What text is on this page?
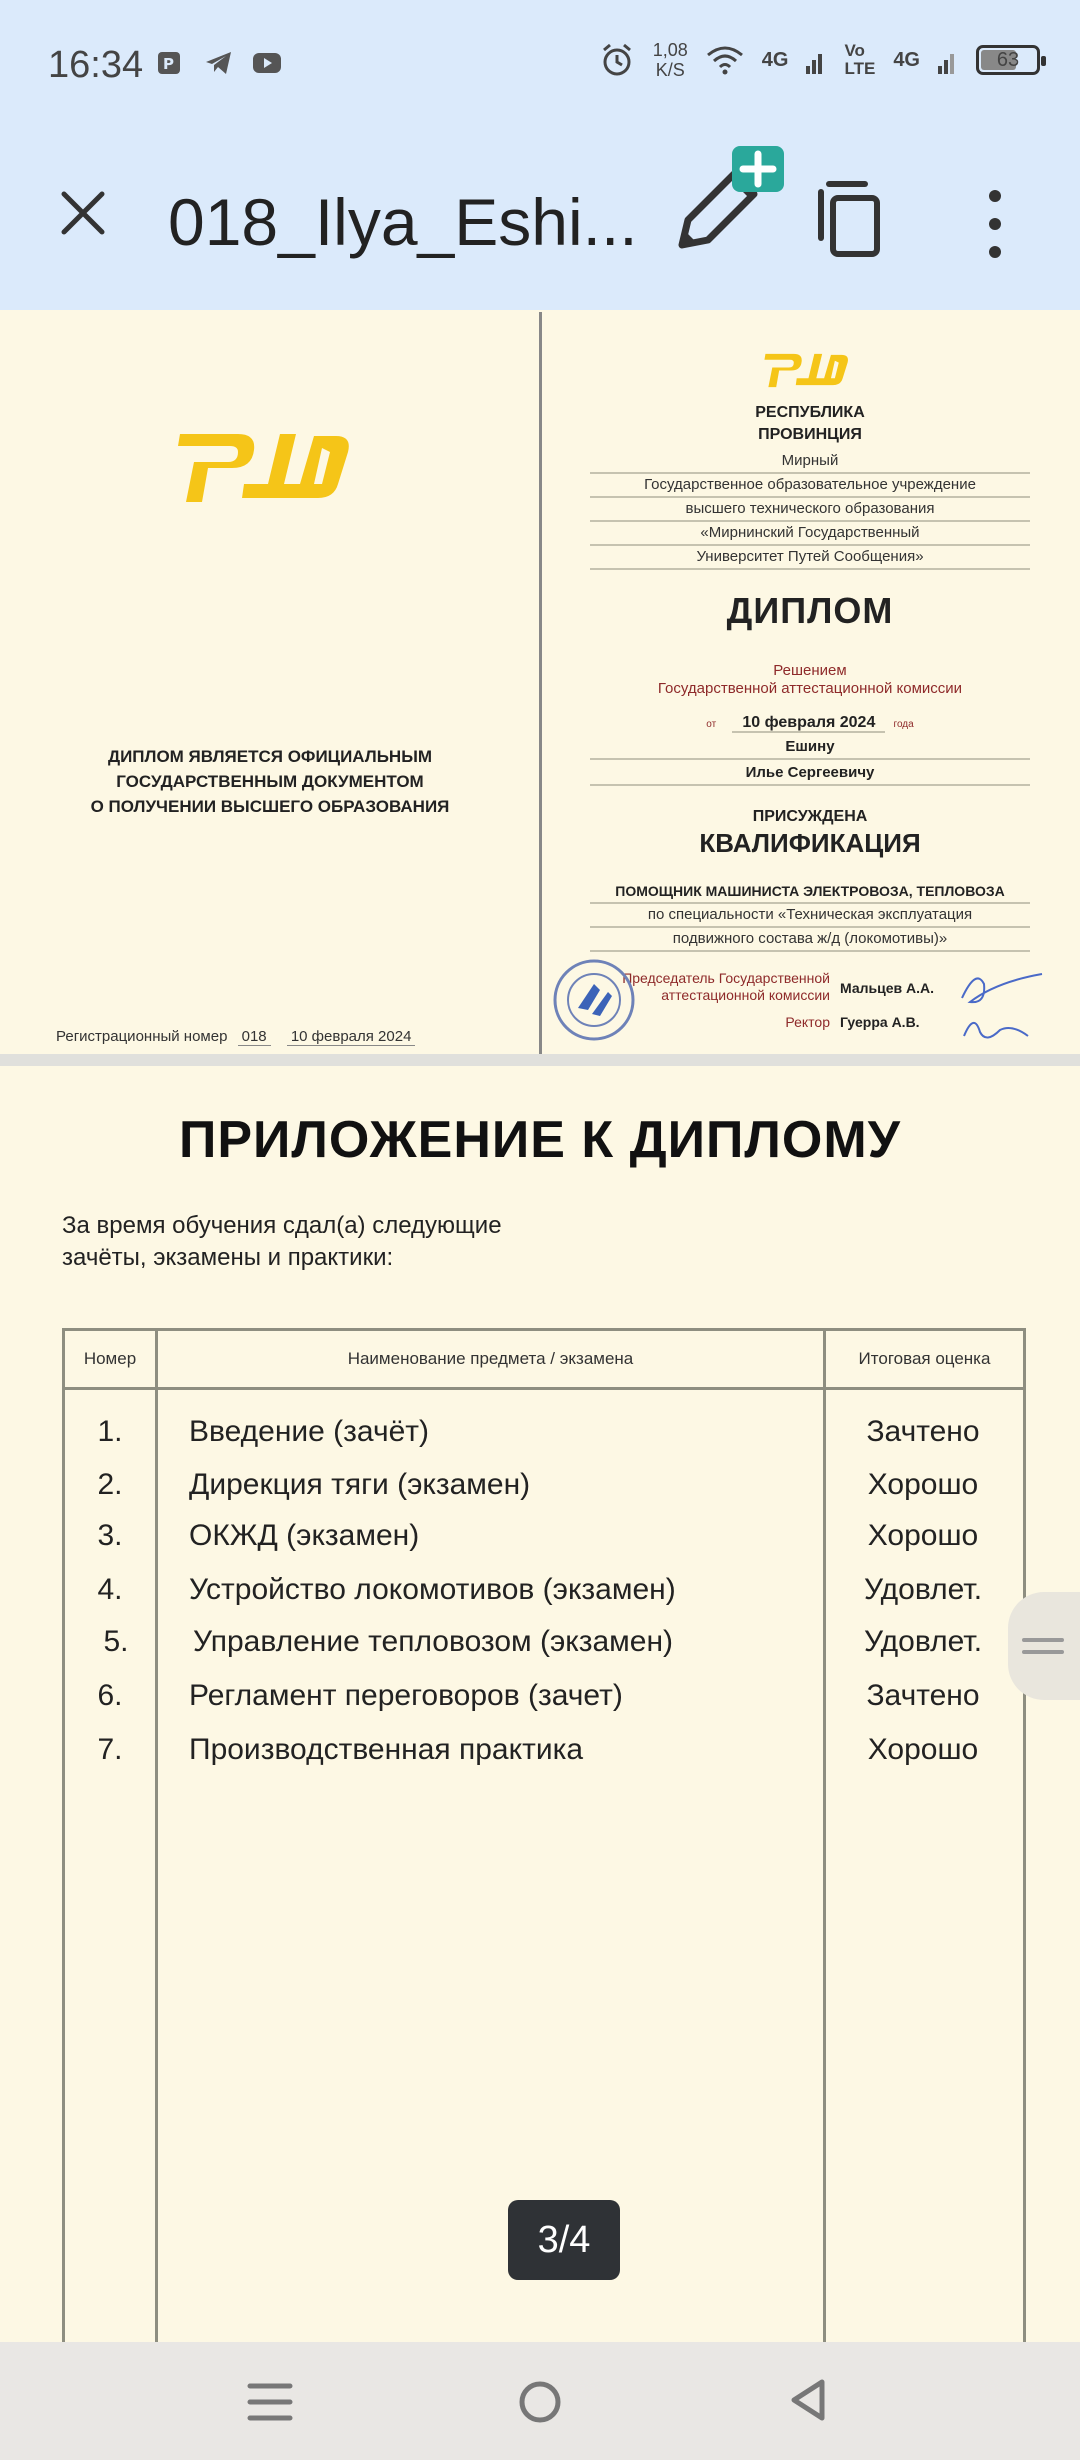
16:34 P
1,08
K/S	4G	Vo
LTE 4G	63
018_Ilya_Eshi...
ДИПЛОМ ЯВЛЯЕТСЯ ОФИЦИАЛЬНЫМ
ГОСУДАРСТВЕННЫМ ДОКУМЕНТОМ
О ПОЛУЧЕНИИ ВЫСШЕГО ОБРАЗОВАНИЯ
Регистрационный номер 018 10 февраля 2024
РЕСПУБЛИКА
ПРОВИНЦИЯ
Мирный
Государственное образовательное учреждение
высшего технического образования
«Мирнинский Государственный
Университет Путей Сообщения»
ДИПЛОМ
Решением
Государственной аттестационной комиссии
от 10 февраля 2024 года
Ешину
Илье Сергеевичу
ПРИСУЖДЕНА
КВАЛИФИКАЦИЯ
ПОМОЩНИК МАШИНИСТА ЭЛЕКТРОВОЗА, ТЕПЛОВОЗА
по специальности «Техническая эксплуатация
подвижного состава ж/д (локомотивы)»
Председатель Государственной
аттестационной комиссии Мальцев А.А.
Ректор Гуерра А.В.
ПРИЛОЖЕНИЕ К ДИПЛОМУ
За время обучения сдал(а) следующие
зачёты, экзамены и практики:
Номер	Наименование предмета / экзамена	Итоговая оценка
1.	Введение (зачёт)	Зачтено
2.	Дирекция тяги (экзамен)	Хорошо
3.	ОКЖД (экзамен)	Хорошо
4.	Устройство локомотивов (экзамен)	Удовлет.
5.	Управление тепловозом (экзамен)	Удовлет.
6.	Регламент переговоров (зачет)	Зачтено
7.	Производственная практика	Хорошо
3/4
